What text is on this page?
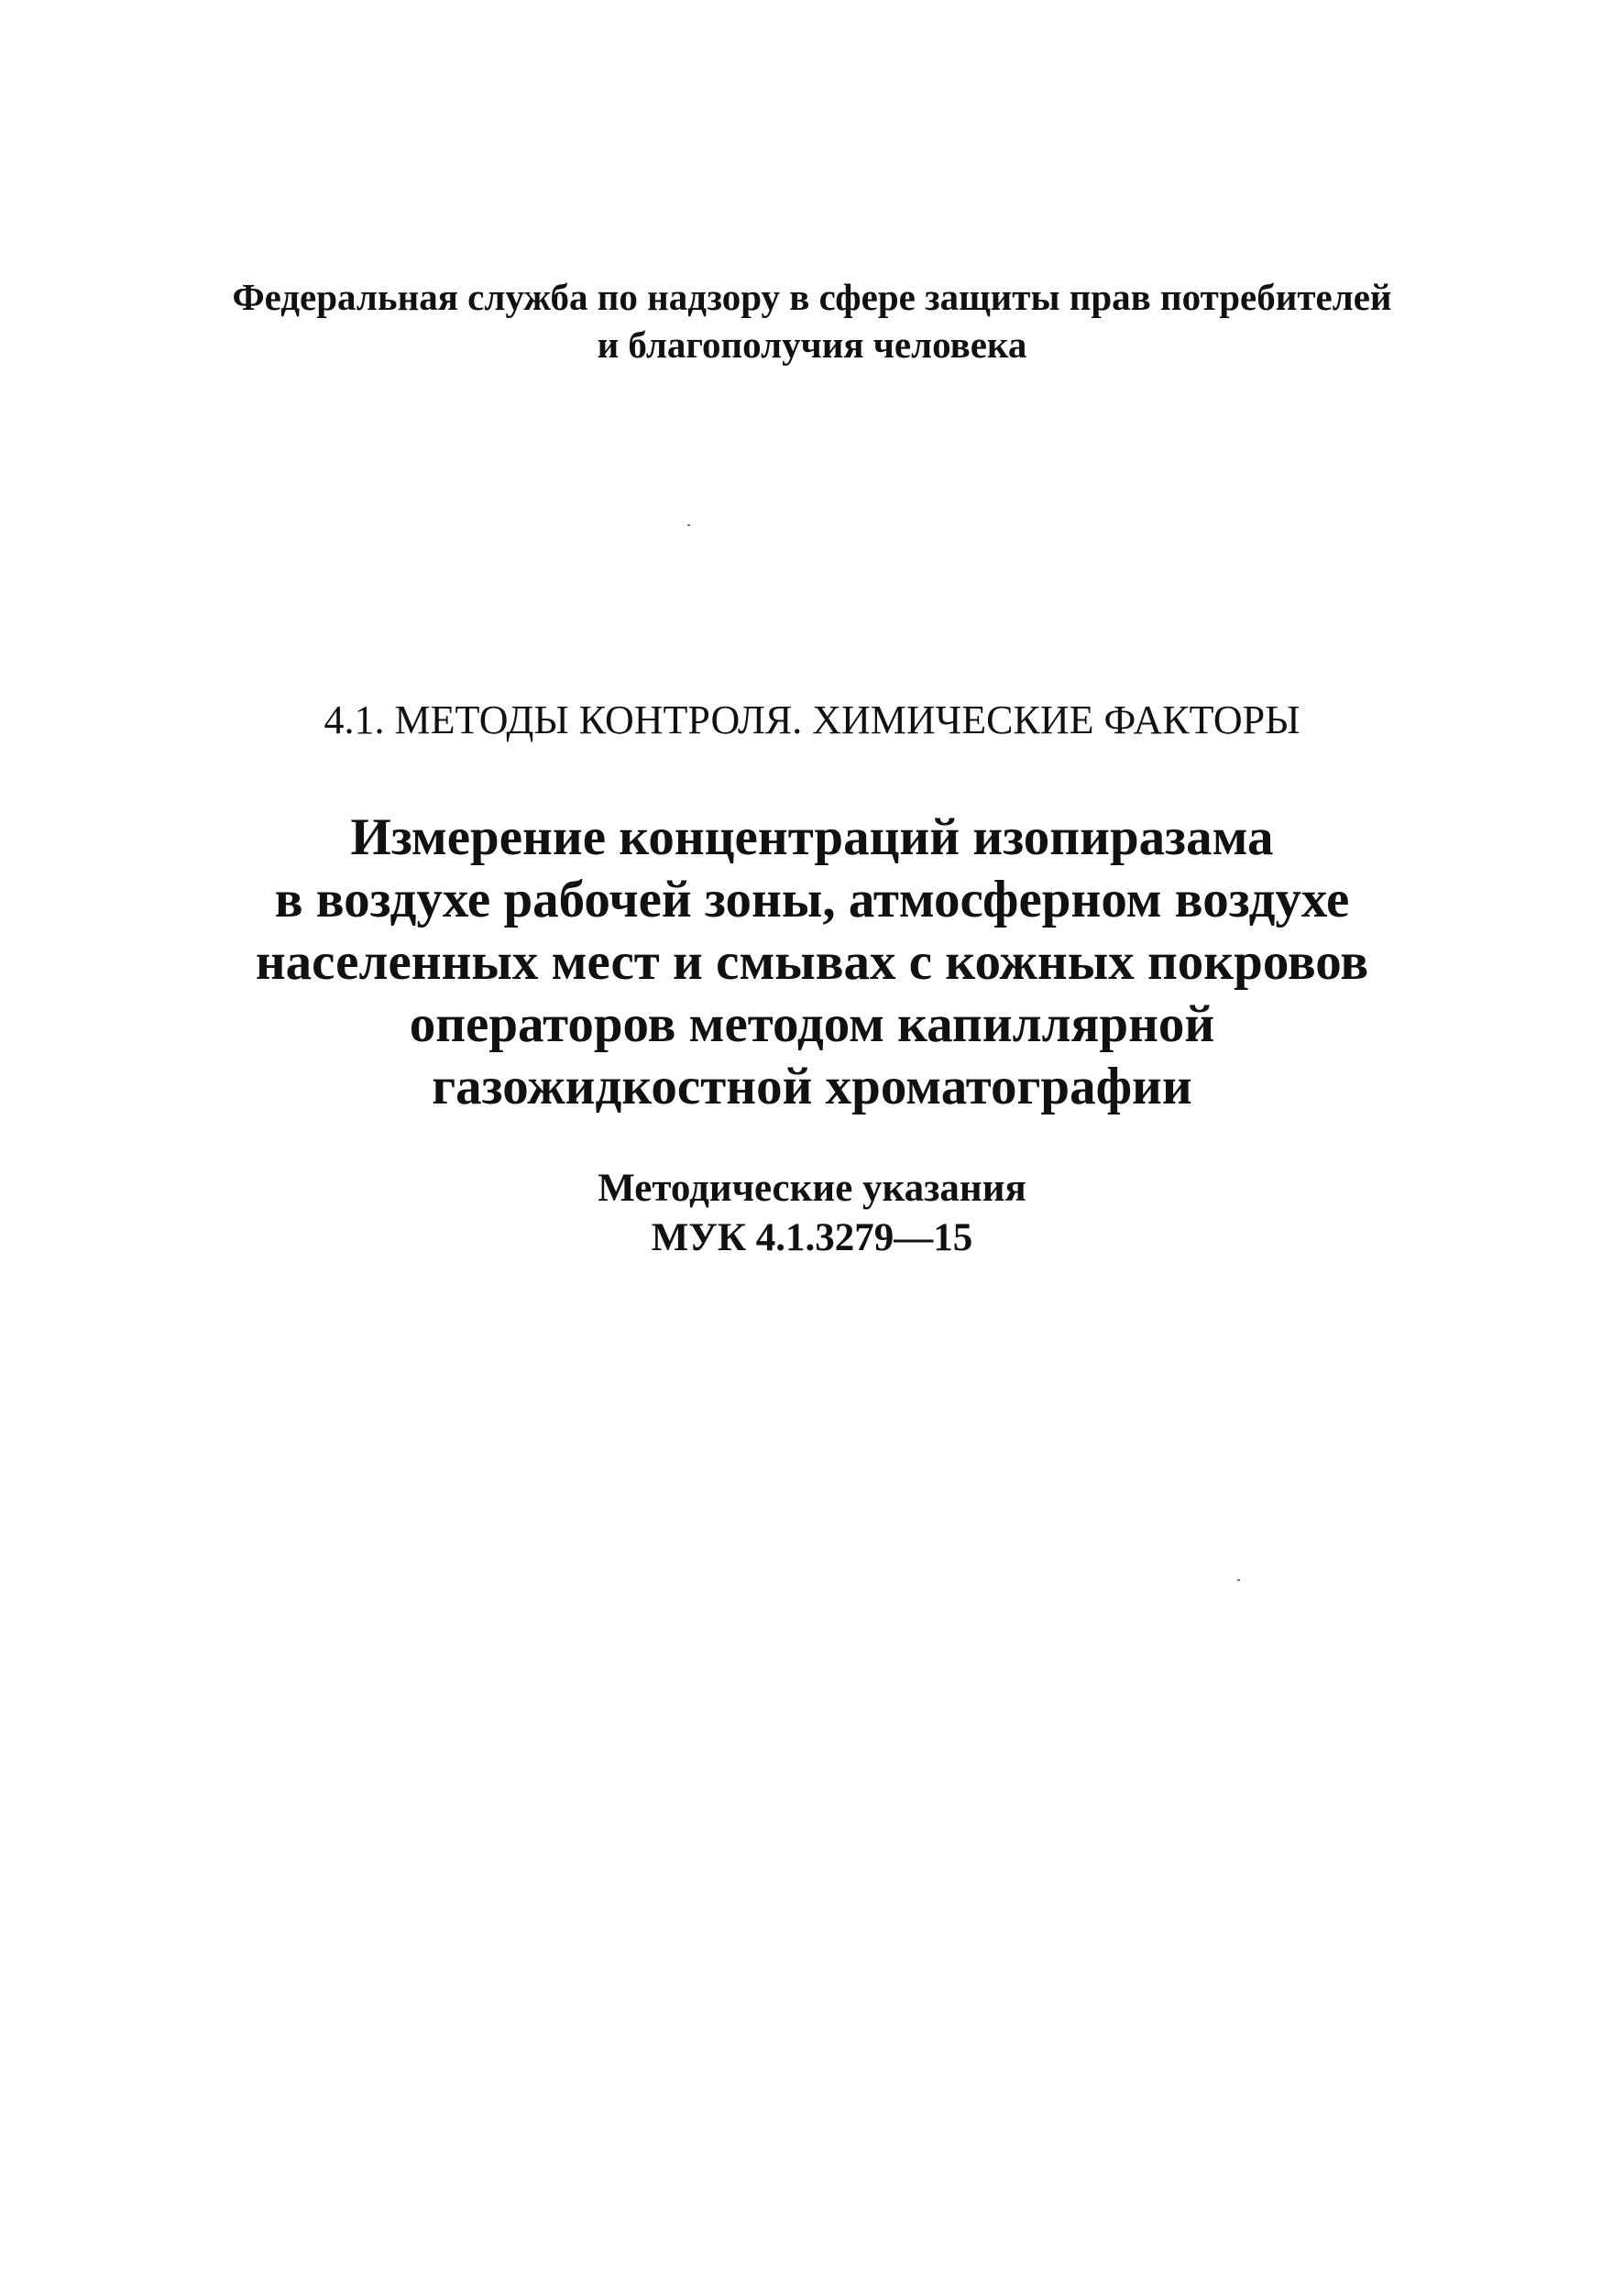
Федеральная служба по надзору в сфере защиты прав потребителей
и благополучия человека
4.1. МЕТОДЫ КОНТРОЛЯ. ХИМИЧЕСКИЕ ФАКТОРЫ
Измерение концентраций изопиразама
в воздухе рабочей зоны, атмосферном воздухе
населенных мест и смывах с кожных покровов
операторов методом капиллярной
газожидкостной хроматографии
Методические указания
МУК 4.1.3279—15
